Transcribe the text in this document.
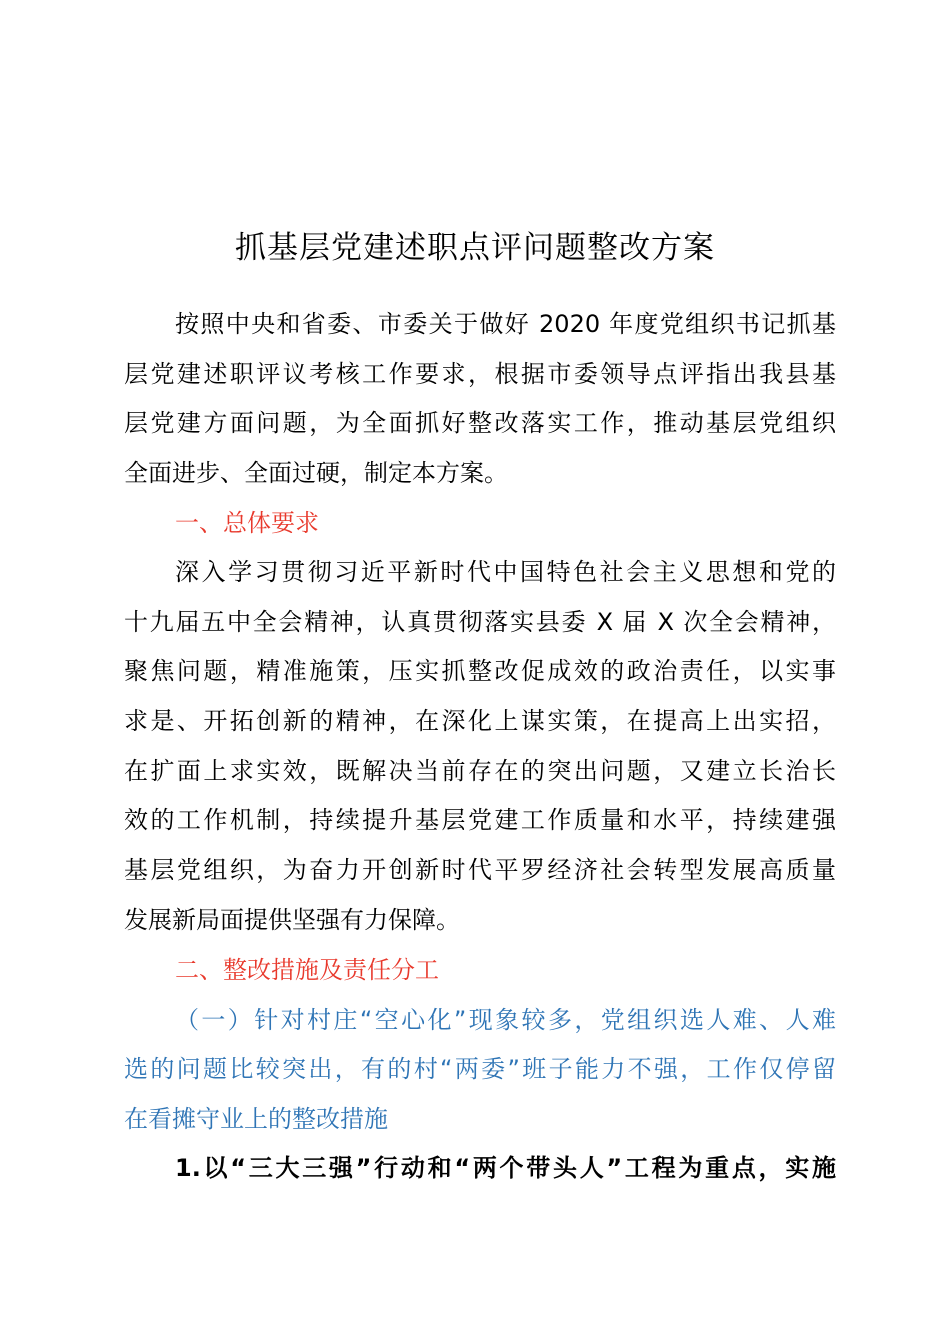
抓基层党建述职点评问题整改方案
按照中央和省委、市委关于做好 2020 年度党组织书记抓基
层党建述职评议考核工作要求，根据市委领导点评指出我县基
层党建方面问题，为全面抓好整改落实工作，推动基层党组织
全面进步、全面过硬，制定本方案。
一、总体要求
深入学习贯彻习近平新时代中国特色社会主义思想和党的
十九届五中全会精神，认真贯彻落实县委 X 届 X 次全会精神，
聚焦问题，精准施策，压实抓整改促成效的政治责任，以实事
求是、开拓创新的精神，在深化上谋实策，在提高上出实招，
在扩面上求实效，既解决当前存在的突出问题，又建立长治长
效的工作机制，持续提升基层党建工作质量和水平，持续建强
基层党组织，为奋力开创新时代平罗经济社会转型发展高质量
发展新局面提供坚强有力保障。
二、整改措施及责任分工
（一）针对村庄“空心化”现象较多，党组织选人难、人难
选的问题比较突出，有的村“两委”班子能力不强，工作仅停留
在看摊守业上的整改措施
1.以“三大三强”行动和“两个带头人”工程为重点，实施
